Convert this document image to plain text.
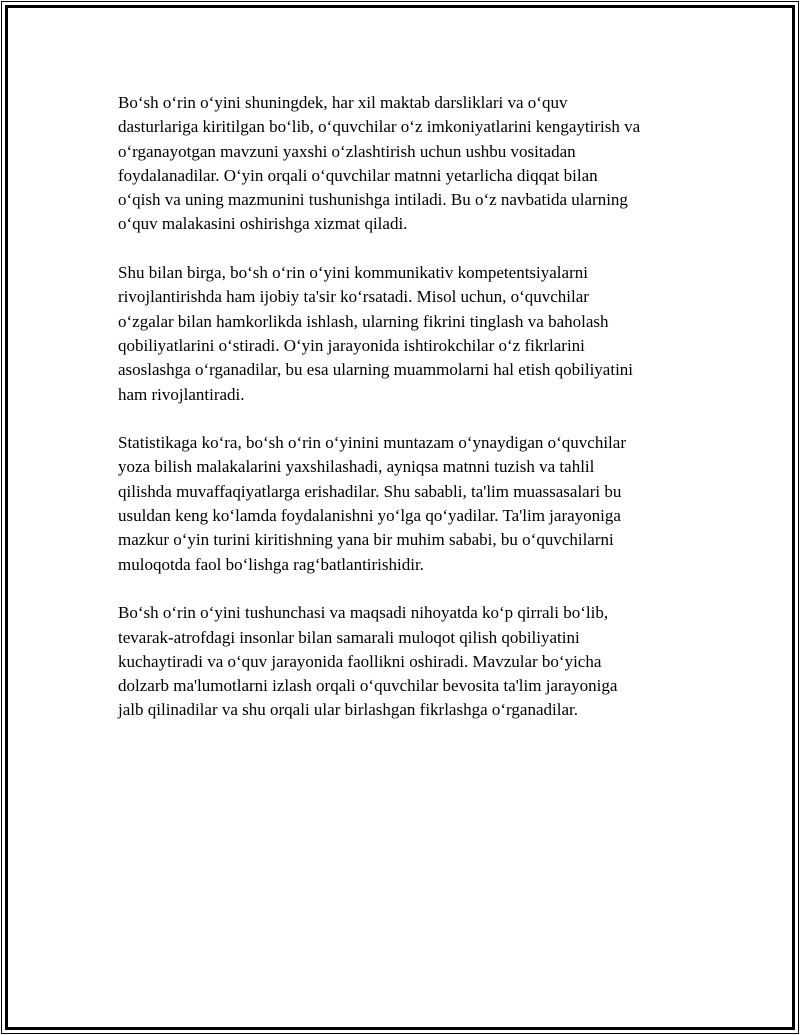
Bo‘sh o‘rin o‘yini shuningdek, har xil maktab darsliklari va o‘quv
dasturlariga kiritilgan bo‘lib, o‘quvchilar o‘z imkoniyatlarini kengaytirish va
o‘rganayotgan mavzuni yaxshi o‘zlashtirish uchun ushbu vositadan
foydalanadilar. O‘yin orqali o‘quvchilar matnni yetarlicha diqqat bilan
o‘qish va uning mazmunini tushunishga intiladi. Bu o‘z navbatida ularning
o‘quv malakasini oshirishga xizmat qiladi.

Shu bilan birga, bo‘sh o‘rin o‘yini kommunikativ kompetentsiyalarni
rivojlantirishda ham ijobiy ta'sir ko‘rsatadi. Misol uchun, o‘quvchilar
o‘zgalar bilan hamkorlikda ishlash, ularning fikrini tinglash va baholash
qobiliyatlarini o‘stiradi. O‘yin jarayonida ishtirokchilar o‘z fikrlarini
asoslashga o‘rganadilar, bu esa ularning muammolarni hal etish qobiliyatini
ham rivojlantiradi.

Statistikaga ko‘ra, bo‘sh o‘rin o‘yinini muntazam o‘ynaydigan o‘quvchilar
yoza bilish malakalarini yaxshilashadi, ayniqsa matnni tuzish va tahlil
qilishda muvaffaqiyatlarga erishadilar. Shu sababli, ta'lim muassasalari bu
usuldan keng ko‘lamda foydalanishni yo‘lga qo‘yadilar. Ta'lim jarayoniga
mazkur o‘yin turini kiritishning yana bir muhim sababi, bu o‘quvchilarni
muloqotda faol bo‘lishga rag‘batlantirishidir.

Bo‘sh o‘rin o‘yini tushunchasi va maqsadi nihoyatda ko‘p qirrali bo‘lib,
tevarak-atrofdagi insonlar bilan samarali muloqot qilish qobiliyatini
kuchaytiradi va o‘quv jarayonida faollikni oshiradi. Mavzular bo‘yicha
dolzarb ma'lumotlarni izlash orqali o‘quvchilar bevosita ta'lim jarayoniga
jalb qilinadilar va shu orqali ular birlashgan fikrlashga o‘rganadilar.
